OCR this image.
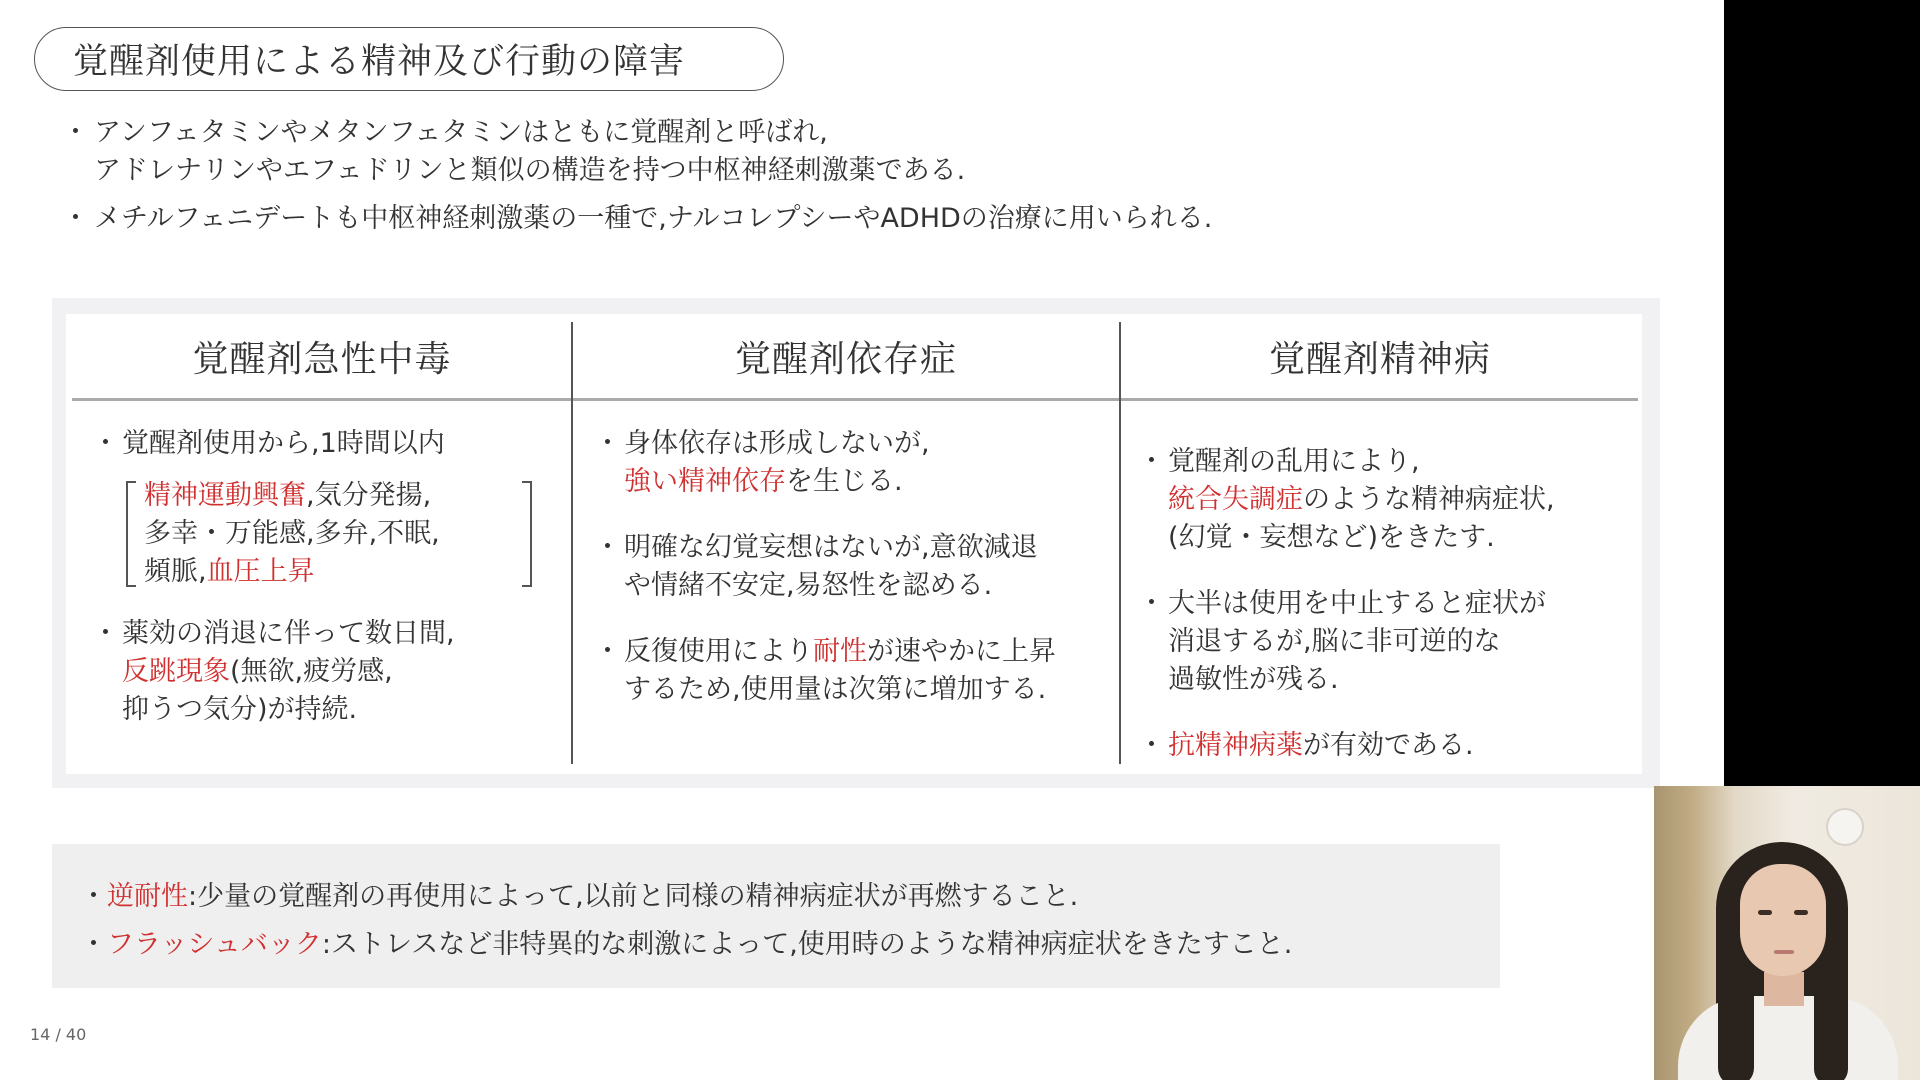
覚醒剤使用による精神及び行動の障害
・ アンフェタミンやメタンフェタミンはともに覚醒剤と呼ばれ,
アドレナリンやエフェドリンと類似の構造を持つ中枢神経刺激薬である.
・ メチルフェニデートも中枢神経刺激薬の一種で,ナルコレプシーやADHDの治療に用いられる.
覚醒剤急性中毒	覚醒剤依存症	覚醒剤精神病
・ 覚醒剤使用から,1時間以内
精神運動興奮,気分発揚,
多幸・万能感,多弁,不眠,
頻脈,血圧上昇
・ 薬効の消退に伴って数日間,
反跳現象(無欲,疲労感,
抑うつ気分)が持続.
・ 身体依存は形成しないが,
強い精神依存を生じる.
・ 明確な幻覚妄想はないが,意欲減退
や情緒不安定,易怒性を認める.
・ 反復使用により耐性が速やかに上昇
するため,使用量は次第に増加する.
・ 覚醒剤の乱用により,
統合失調症のような精神病症状,
(幻覚・妄想など)をきたす.
・ 大半は使用を中止すると症状が
消退するが,脳に非可逆的な
過敏性が残る.
・ 抗精神病薬が有効である.
・逆耐性:少量の覚醒剤の再使用によって,以前と同様の精神病症状が再燃すること.
・フラッシュバック:ストレスなど非特異的な刺激によって,使用時のような精神病症状をきたすこと.
14 / 40
